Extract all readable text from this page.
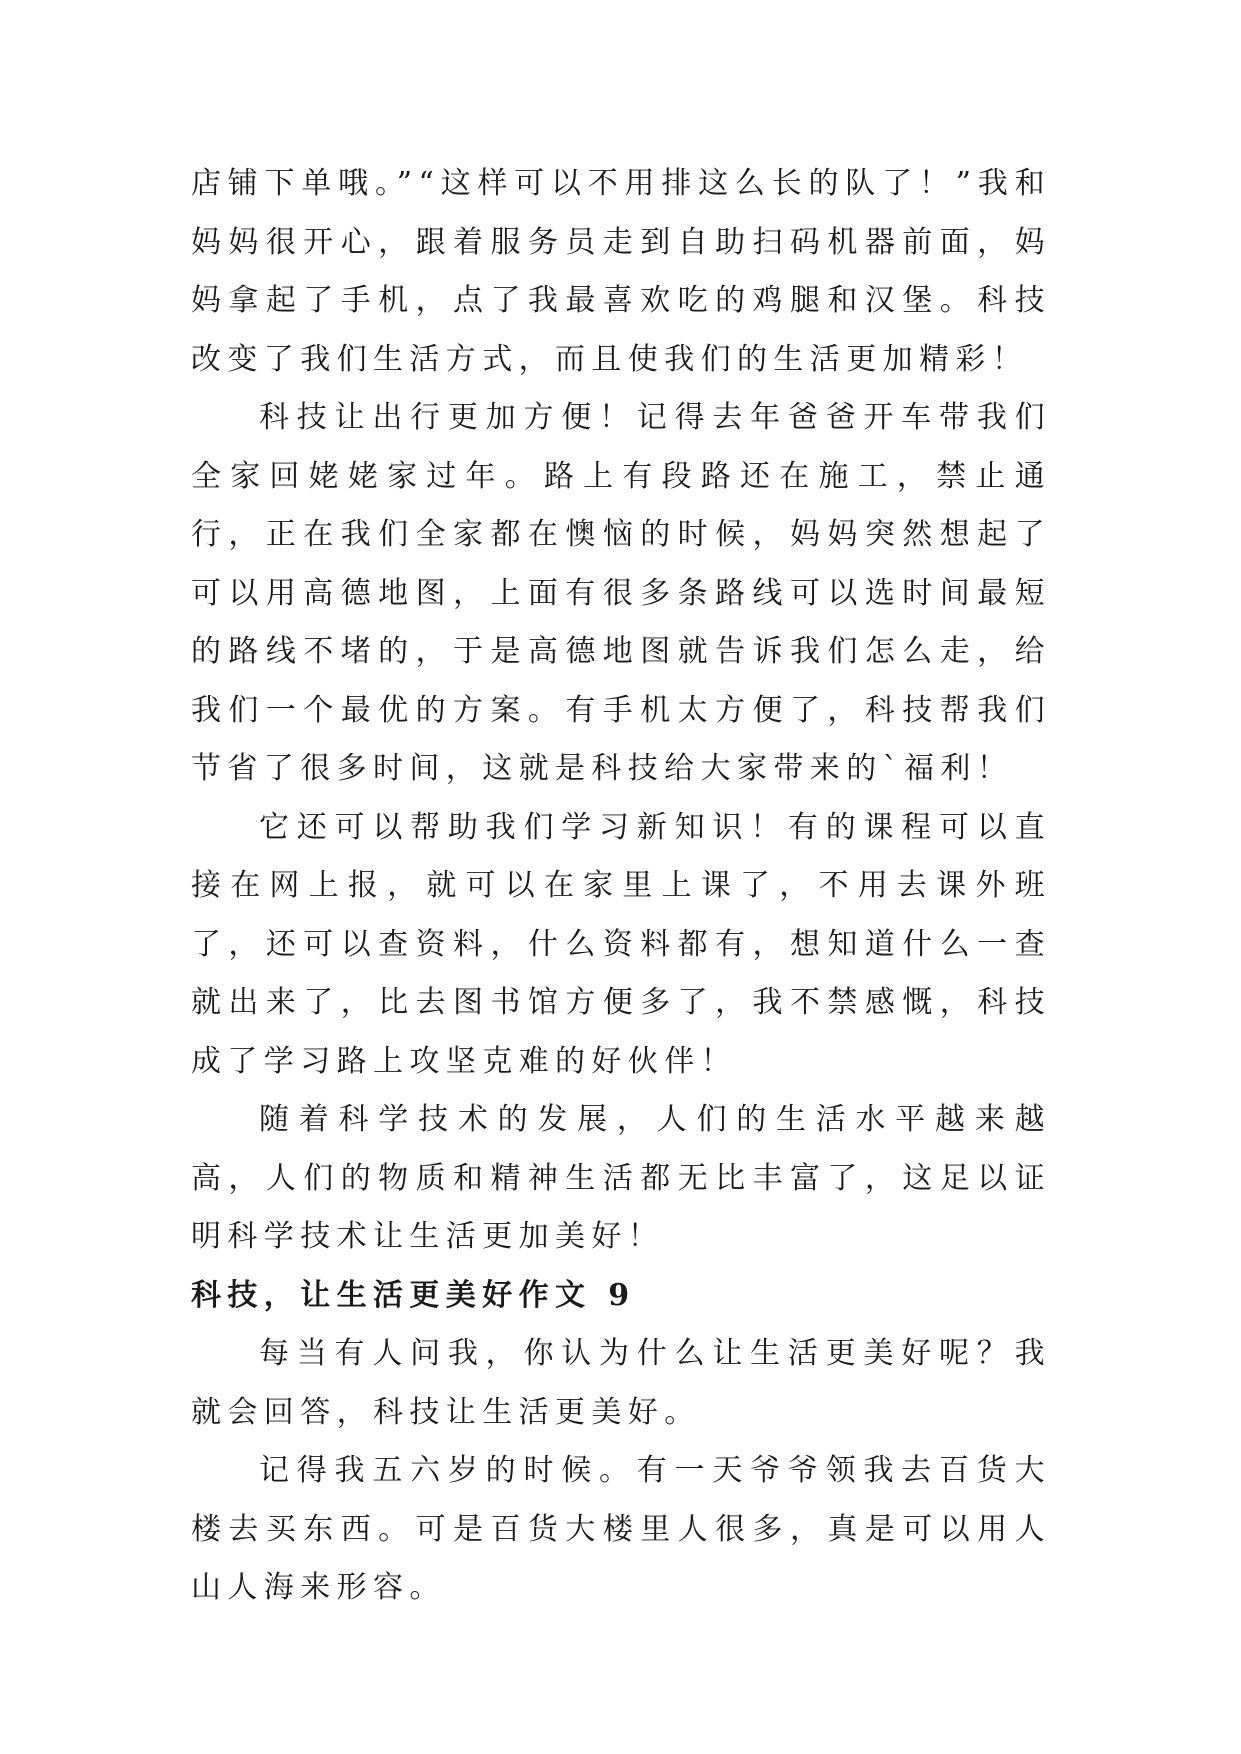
店铺下单哦。”“这样可以不用排这么长的队了！”我和妈妈很开心，跟着服务员走到自助扫码机器前面，妈妈拿起了手机，点了我最喜欢吃的鸡腿和汉堡。科技改变了我们生活方式，而且使我们的生活更加精彩！

科技让出行更加方便！记得去年爸爸开车带我们全家回姥姥家过年。路上有段路还在施工，禁止通行，正在我们全家都在懊恼的时候，妈妈突然想起了可以用高德地图，上面有很多条路线可以选时间最短的路线不堵的，于是高德地图就告诉我们怎么走，给我们一个最优的方案。有手机太方便了，科技帮我们节省了很多时间，这就是科技给大家带来的`福利！

它还可以帮助我们学习新知识！有的课程可以直接在网上报，就可以在家里上课了，不用去课外班了，还可以查资料，什么资料都有，想知道什么一查就出来了，比去图书馆方便多了，我不禁感慨，科技成了学习路上攻坚克难的好伙伴！

随着科学技术的发展，人们的生活水平越来越高，人们的物质和精神生活都无比丰富了，这足以证明科学技术让生活更加美好！

科技，让生活更美好作文 9

每当有人问我，你认为什么让生活更美好呢？我就会回答，科技让生活更美好。

记得我五六岁的时候。有一天爷爷领我去百货大楼去买东西。可是百货大楼里人很多，真是可以用人山人海来形容。
